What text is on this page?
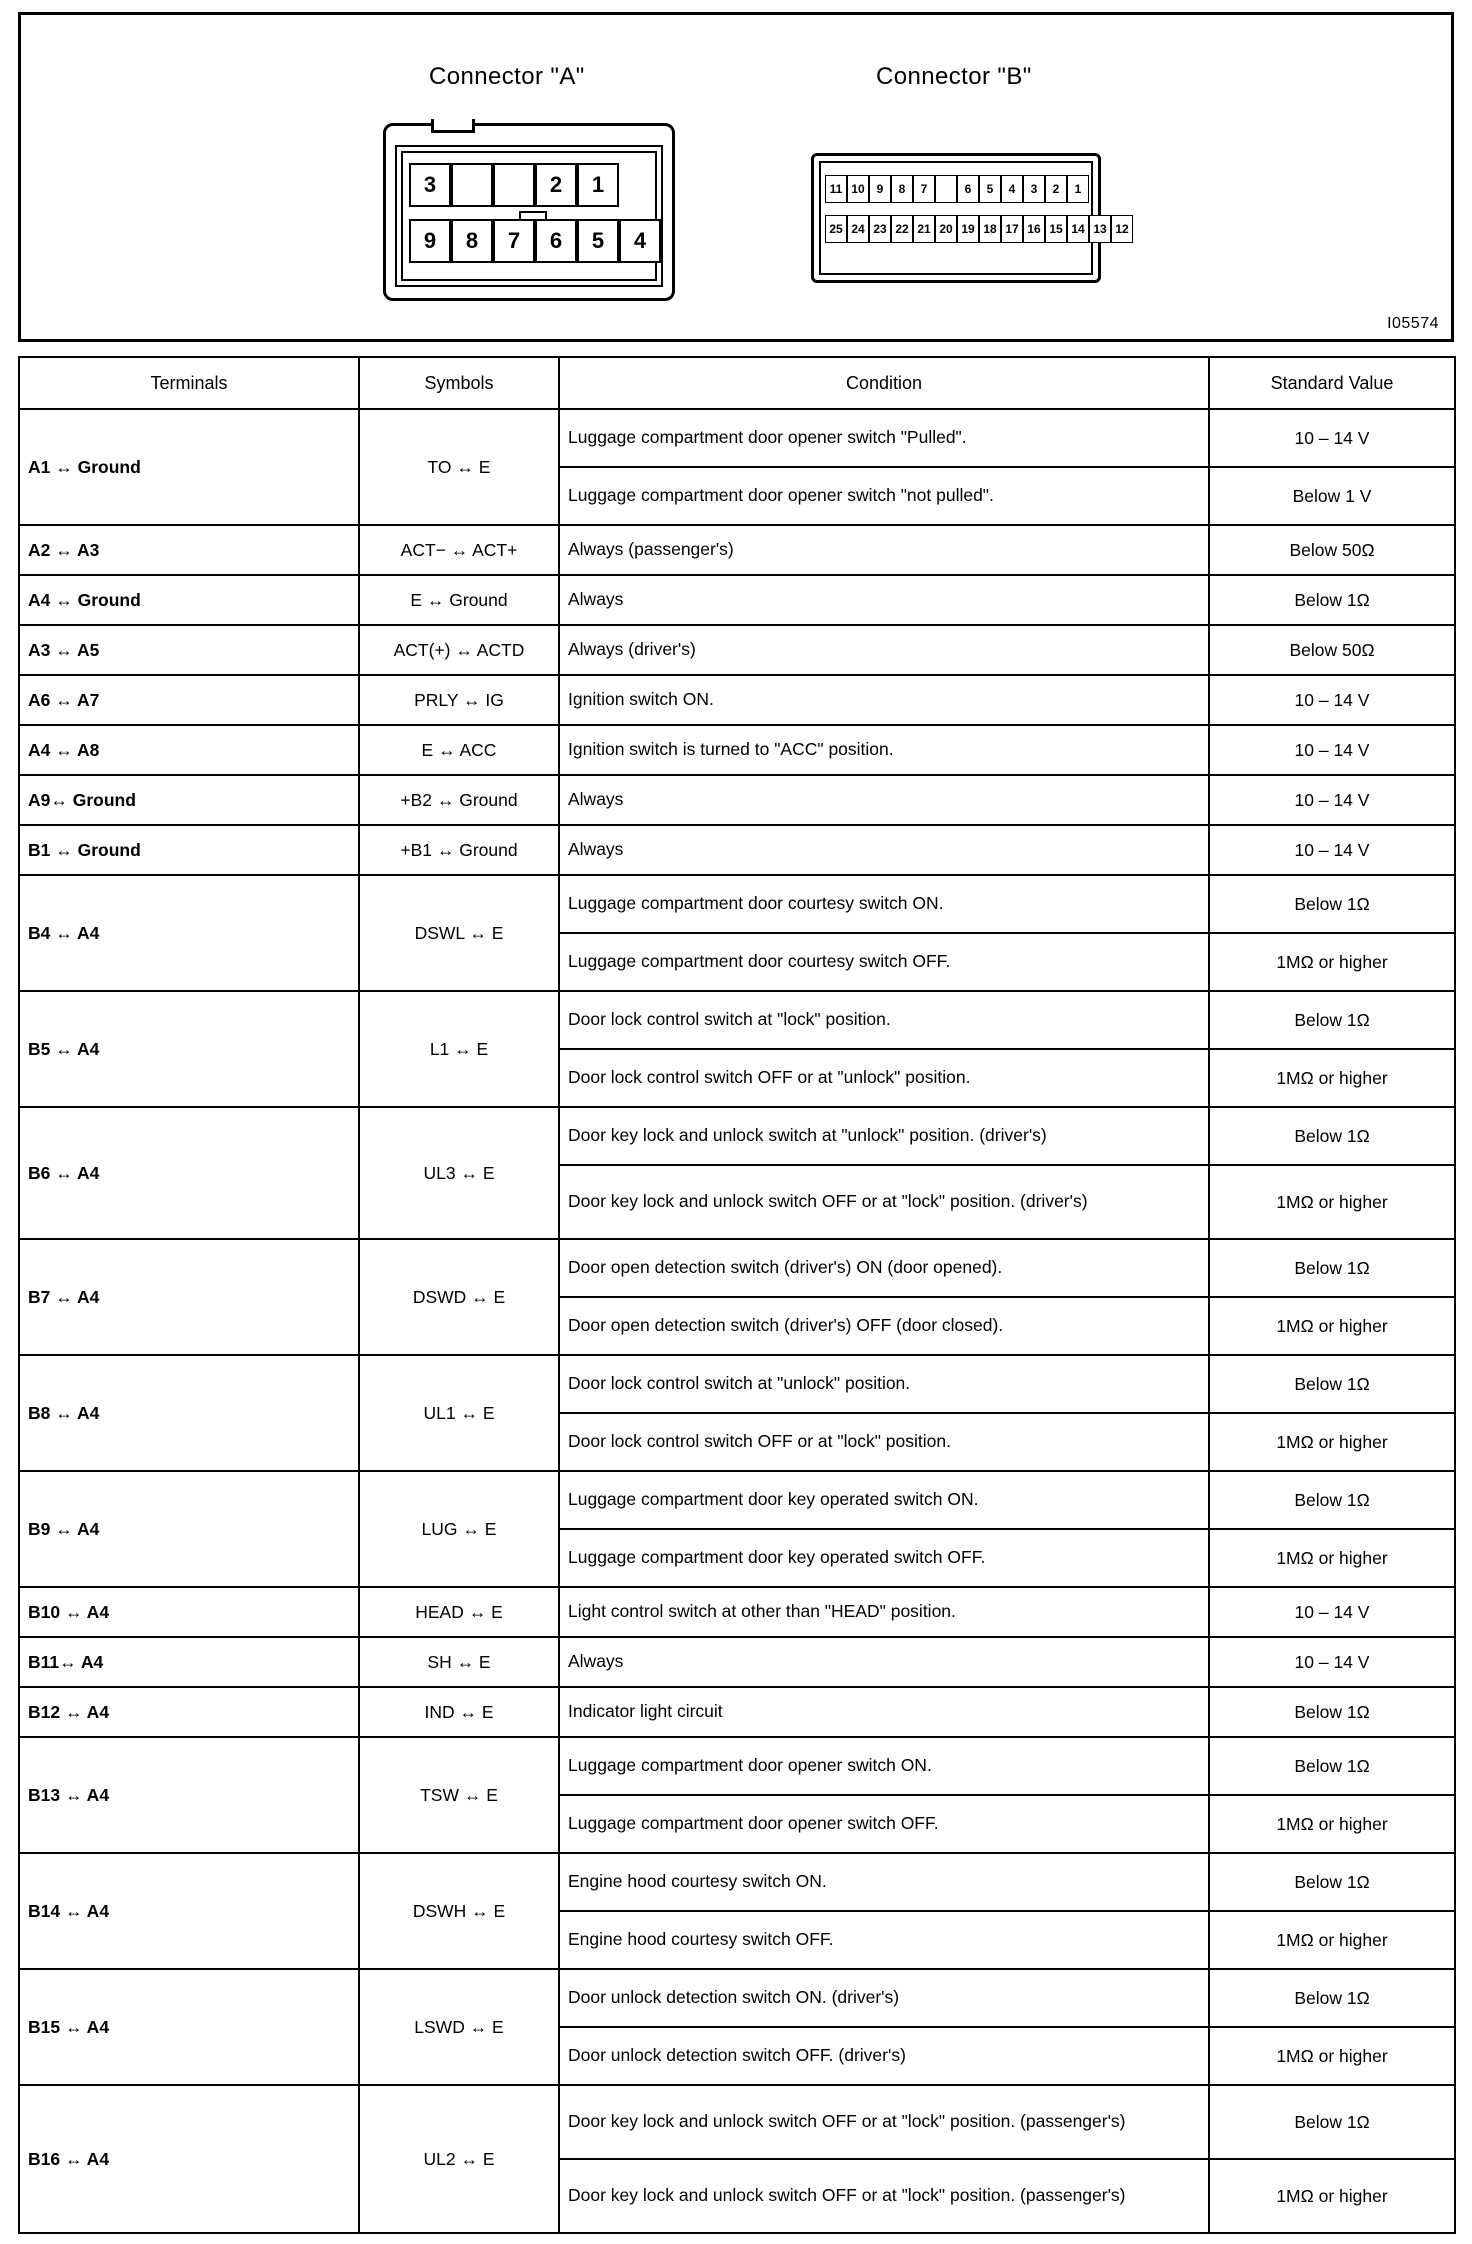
Connector "A"	Connector "B"
3	2	1
9	8	7	6	5	4
11 10 9	8	7	6	5	4	3	2	1
25 24 23 22 21 20 19 18 17 16 15 14 13 12
I05574
Terminals	Symbols	Condition	Standard Value
A1 ↔ Ground	TO ↔ E	Luggage compartment door opener switch "Pulled".	10 – 14 V
		Luggage compartment door opener switch "not pulled".	Below 1 V
A2 ↔ A3	ACT− ↔ ACT+	Always (passenger's)	Below 50Ω
A4 ↔ Ground	E ↔ Ground	Always	Below 1Ω
A3 ↔ A5	ACT(+) ↔ ACTD	Always (driver's)	Below 50Ω
A6 ↔ A7	PRLY ↔ IG	Ignition switch ON.	10 – 14 V
A4 ↔ A8	E ↔ ACC	Ignition switch is turned to "ACC" position.	10 – 14 V
A9↔ Ground	+B2 ↔ Ground	Always	10 – 14 V
B1 ↔ Ground	+B1 ↔ Ground	Always	10 – 14 V
B4 ↔ A4	DSWL ↔ E	Luggage compartment door courtesy switch ON.	Below 1Ω
		Luggage compartment door courtesy switch OFF.	1MΩ or higher
B5 ↔ A4	L1 ↔ E	Door lock control switch at "lock" position.	Below 1Ω
		Door lock control switch OFF or at "unlock" position.	1MΩ or higher
B6 ↔ A4	UL3 ↔ E	Door key lock and unlock switch at "unlock" position. (driver's)	Below 1Ω
		Door key lock and unlock switch OFF or at "lock" position. (driver's)	1MΩ or higher
B7 ↔ A4	DSWD ↔ E	Door open detection switch (driver's) ON (door opened).	Below 1Ω
		Door open detection switch (driver's) OFF (door closed).	1MΩ or higher
B8 ↔ A4	UL1 ↔ E	Door lock control switch at "unlock" position.	Below 1Ω
		Door lock control switch OFF or at "lock" position.	1MΩ or higher
B9 ↔ A4	LUG ↔ E	Luggage compartment door key operated switch ON.	Below 1Ω
		Luggage compartment door key operated switch OFF.	1MΩ or higher
B10 ↔ A4	HEAD ↔ E	Light control switch at other than "HEAD" position.	10 – 14 V
B11↔ A4	SH ↔ E	Always	10 – 14 V
B12 ↔ A4	IND ↔ E	Indicator light circuit	Below 1Ω
B13 ↔ A4	TSW ↔ E	Luggage compartment door opener switch ON.	Below 1Ω
		Luggage compartment door opener switch OFF.	1MΩ or higher
B14 ↔ A4	DSWH ↔ E	Engine hood courtesy switch ON.	Below 1Ω
		Engine hood courtesy switch OFF.	1MΩ or higher
B15 ↔ A4	LSWD ↔ E	Door unlock detection switch ON. (driver's)	Below 1Ω
		Door unlock detection switch OFF. (driver's)	1MΩ or higher
B16 ↔ A4	UL2 ↔ E	Door key lock and unlock switch OFF or at "lock" position. (passenger's)	Below 1Ω
		Door key lock and unlock switch OFF or at "lock" position. (passenger's)	1MΩ or higher
